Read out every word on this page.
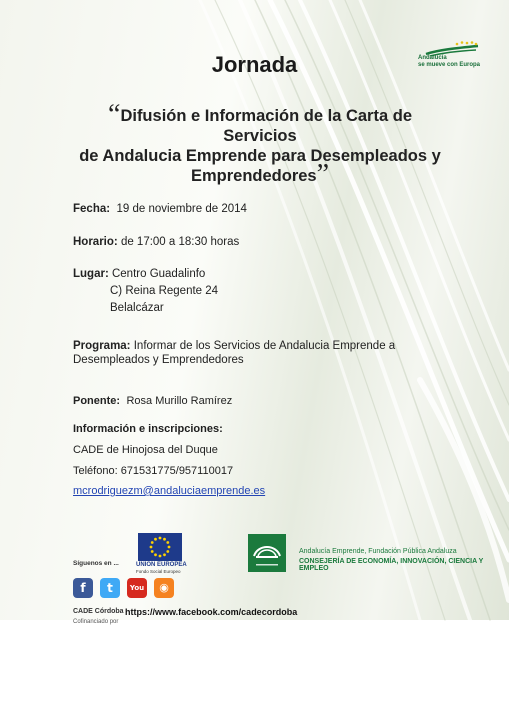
Andalucía
se mueve con Europa
Jornada
“Difusión e Información de la Carta de Servicios
de Andalucia Emprende para Desempleados y
Emprendedores”
Fecha: 19 de noviembre de 2014
Horario: de 17:00 a 18:30 horas
Lugar: Centro Guadalinfo
C) Reina Regente 24
Belalcázar
Programa: Informar de los Servicios de Andalucia Emprende a
Desempleados y Emprendedores
Ponente: Rosa Murillo Ramírez
Información e inscripciones:
CADE de Hinojosa del Duque
Teléfono: 671531775/957110017
mcrodriguezm@andaluciaemprende.es
Síguenos en ...	UNIÓN EUROPEA
Fondo Social Europeo
Andalucía Emprende, Fundación Pública Andaluza
CONSEJERÍA DE ECONOMÍA, INNOVACIÓN, CIENCIA Y EMPLEO
f	t	You	◉
CADE Córdoba https://www.facebook.com/cadecordoba
Cofinanciado por
